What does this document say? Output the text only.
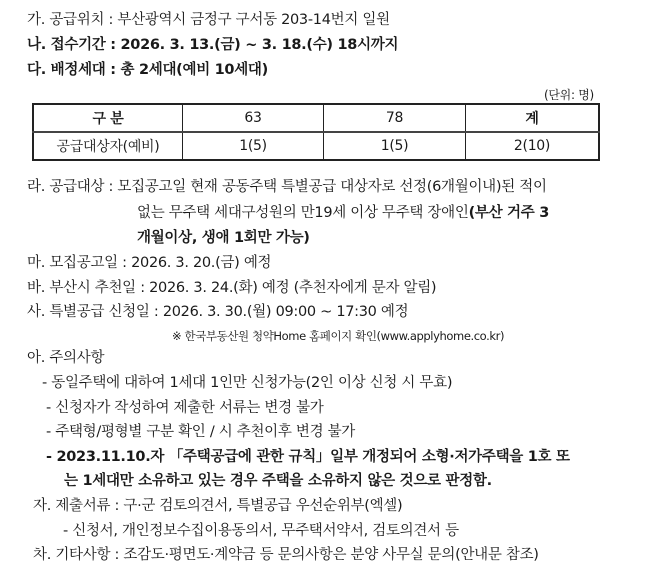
가. 공급위치 : 부산광역시 금정구 구서동 203-14번지 일원
나. 접수기간 : 2026. 3. 13.(금) ~ 3. 18.(수) 18시까지
다. 배정세대 : 총 2세대(예비 10세대)
(단위: 명)
구 분	63	78	계
공급대상자(예비)	1(5)	1(5)	2(10)
라. 공급대상 : 모집공고일 현재 공동주택 특별공급 대상자로 선정(6개월이내)된 적이
없는 무주택 세대구성원의 만19세 이상 무주택 장애인(부산 거주 3
개월이상, 생애 1회만 가능)
마. 모집공고일 : 2026. 3. 20.(금) 예정
바. 부산시 추천일 : 2026. 3. 24.(화) 예정 (추천자에게 문자 알림)
사. 특별공급 신청일 : 2026. 3. 30.(월) 09:00 ~ 17:30 예정
※ 한국부동산원 청약Home 홈페이지 확인(www.applyhome.co.kr)
아. 주의사항
- 동일주택에 대하여 1세대 1인만 신청가능(2인 이상 신청 시 무효)
- 신청자가 작성하여 제출한 서류는 변경 불가
- 주택형/평형별 구분 확인 / 시 추천이후 변경 불가
- 2023.11.10.자 「주택공급에 관한 규칙」일부 개정되어 소형·저가주택을 1호 또
는 1세대만 소유하고 있는 경우 주택을 소유하지 않은 것으로 판정함.
자. 제출서류 : 구·군 검토의견서, 특별공급 우선순위부(엑셀)
- 신청서, 개인정보수집이용동의서, 무주택서약서, 검토의견서 등
차. 기타사항 : 조감도·평면도·계약금 등 문의사항은 분양 사무실 문의(안내문 참조)
